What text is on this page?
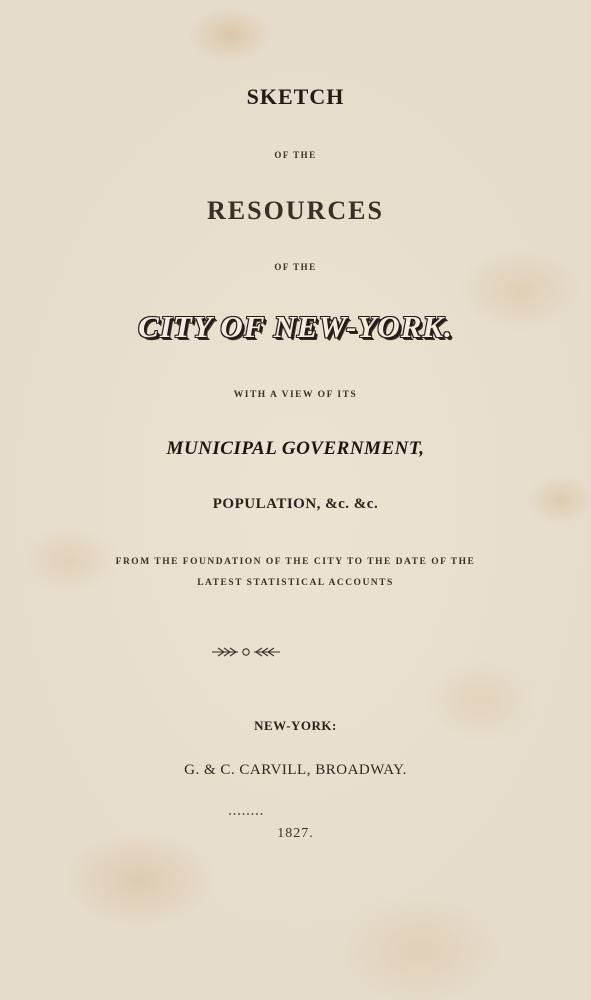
SKETCH
OF THE
RESOURCES
OF THE
CITY OF NEW-YORK.
WITH A VIEW OF ITS
MUNICIPAL GOVERNMENT,
POPULATION, &c. &c.
FROM THE FOUNDATION OF THE CITY TO THE DATE OF THE
LATEST STATISTICAL ACCOUNTS
NEW-YORK:
G. & C. CARVILL, BROADWAY.
1827.
